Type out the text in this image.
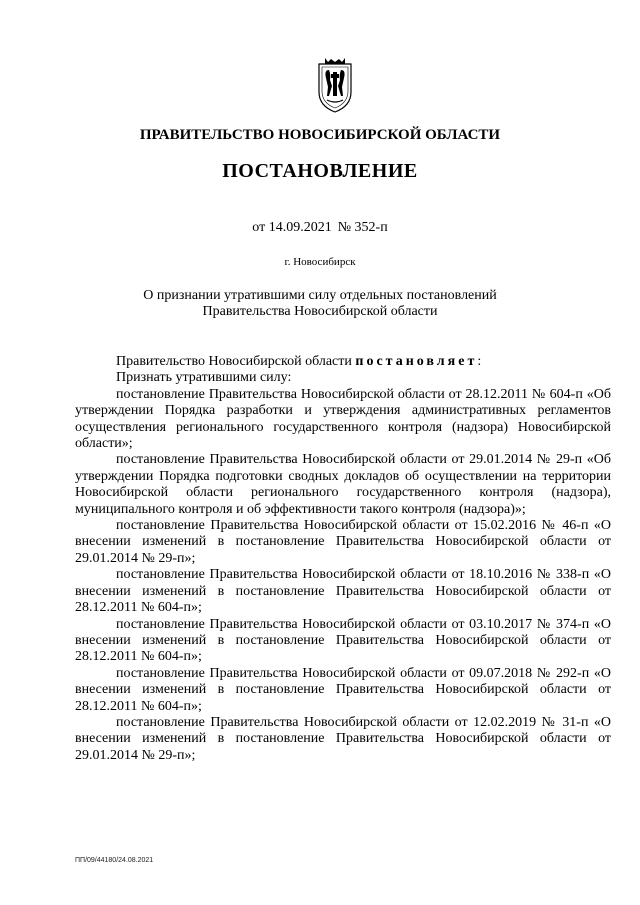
ПРАВИТЕЛЬСТВО НОВОСИБИРСКОЙ ОБЛАСТИ
ПОСТАНОВЛЕНИЕ
от 14.09.2021 № 352-п
г. Новосибирск
О признании утратившими силу отдельных постановлений
Правительства Новосибирской области

Правительство Новосибирской области постановляет:

Признать утратившими силу:

постановление Правительства Новосибирской области от 28.12.2011 № 604-п «Об утверждении Порядка разработки и утверждения административных регламентов осуществления регионального государственного контроля (надзора) Новосибирской области»;

постановление Правительства Новосибирской области от 29.01.2014 № 29-п «Об утверждении Порядка подготовки сводных докладов об осуществлении на территории Новосибирской области регионального государственного контроля (надзора), муниципального контроля и об эффективности такого контроля (надзора)»;

постановление Правительства Новосибирской области от 15.02.2016 № 46-п «О внесении изменений в постановление Правительства Новосибирской области от 29.01.2014 № 29-п»;

постановление Правительства Новосибирской области от 18.10.2016 № 338-п «О внесении изменений в постановление Правительства Новосибирской области от 28.12.2011 № 604-п»;

постановление Правительства Новосибирской области от 03.10.2017 № 374-п «О внесении изменений в постановление Правительства Новосибирской области от 28.12.2011 № 604-п»;

постановление Правительства Новосибирской области от 09.07.2018 № 292-п «О внесении изменений в постановление Правительства Новосибирской области от 28.12.2011 № 604-п»;

постановление Правительства Новосибирской области от 12.02.2019 № 31-п «О внесении изменений в постановление Правительства Новосибирской области от 29.01.2014 № 29-п»;

ПП/09/44180/24.08.2021
